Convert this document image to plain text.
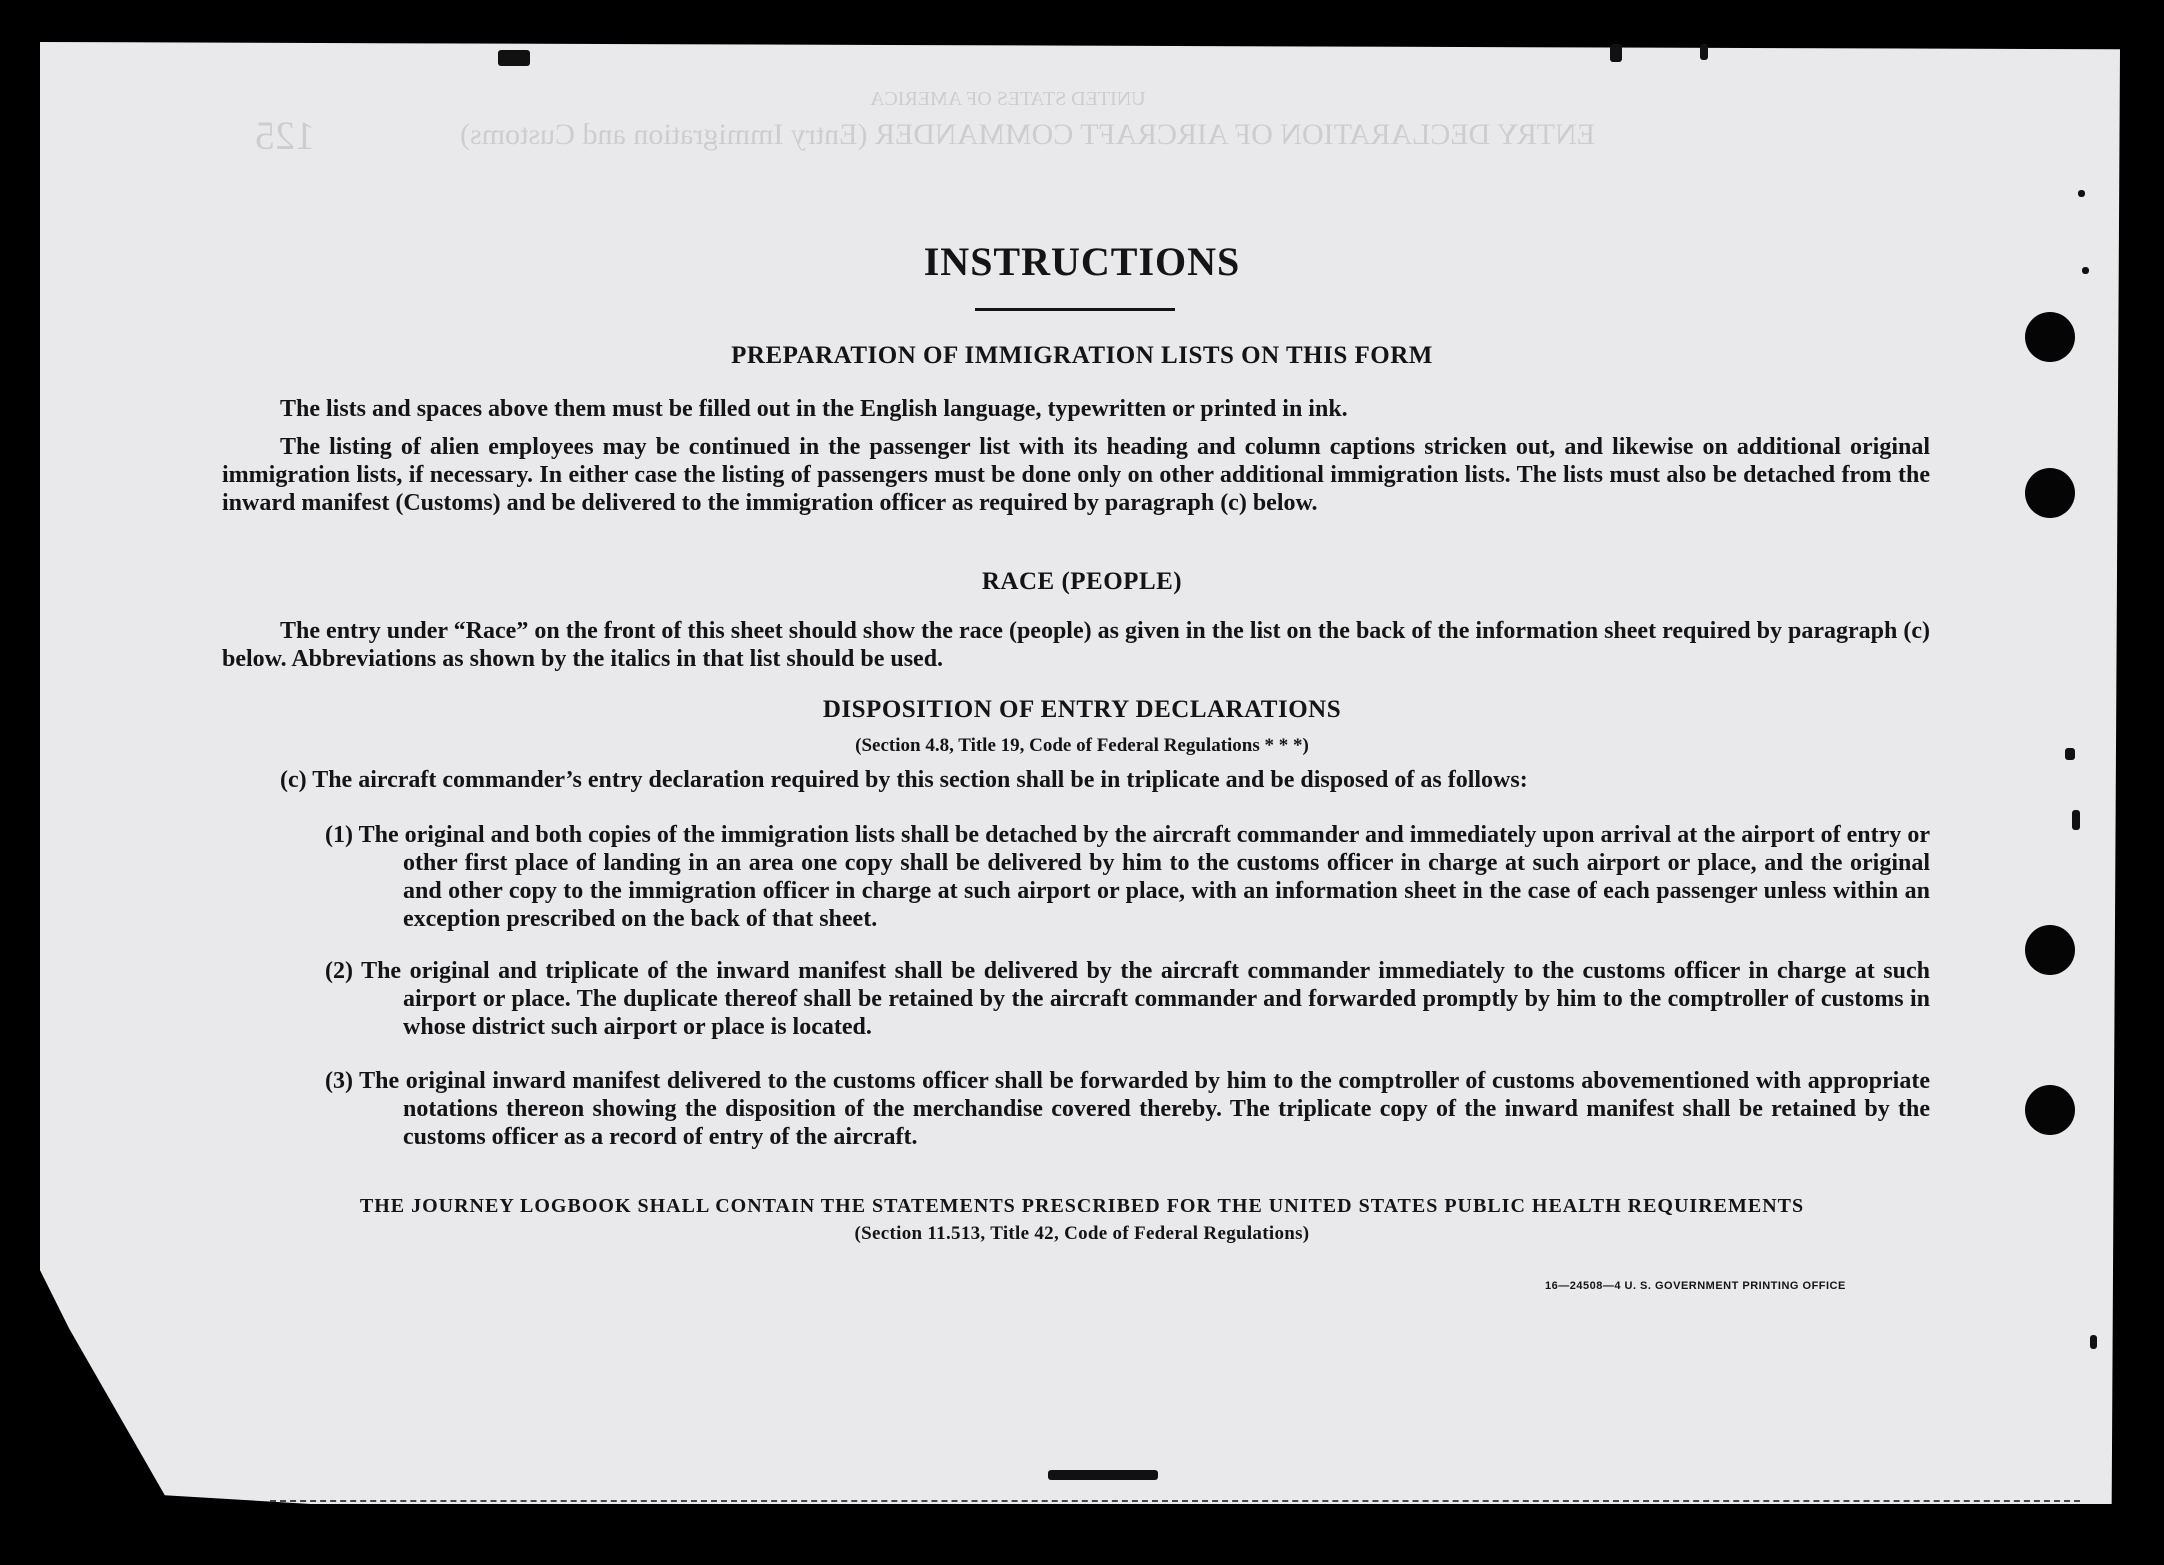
UNITED STATES OF AMERICA
ENTRY DECLARATION OF AIRCRAFT COMMANDER (Entry Immigration and Customs)
125
INSTRUCTIONS
PREPARATION OF IMMIGRATION LISTS ON THIS FORM
The lists and spaces above them must be filled out in the English language, typewritten or printed in ink.
The listing of alien employees may be continued in the passenger list with its heading and column captions stricken out, and likewise on additional original immigration lists, if necessary. In either case the listing of passengers must be done only on other additional immigration lists. The lists must also be detached from the inward manifest (Customs) and be delivered to the immigration officer as required by paragraph (c) below.
RACE (PEOPLE)
The entry under “Race” on the front of this sheet should show the race (people) as given in the list on the back of the information sheet required by paragraph (c) below. Abbreviations as shown by the italics in that list should be used.
DISPOSITION OF ENTRY DECLARATIONS
(Section 4.8, Title 19, Code of Federal Regulations * * *)
(c) The aircraft commander’s entry declaration required by this section shall be in triplicate and be disposed of as follows:
(1) The original and both copies of the immigration lists shall be detached by the aircraft commander and immediately upon arrival at the airport of entry or other first place of landing in an area one copy shall be delivered by him to the customs officer in charge at such airport or place, and the original and other copy to the immigration officer in charge at such airport or place, with an information sheet in the case of each passenger unless within an exception prescribed on the back of that sheet.
(2) The original and triplicate of the inward manifest shall be delivered by the aircraft commander immediately to the customs officer in charge at such airport or place. The duplicate thereof shall be retained by the aircraft commander and forwarded promptly by him to the comptroller of customs in whose district such airport or place is located.
(3) The original inward manifest delivered to the customs officer shall be forwarded by him to the comptroller of customs abovementioned with appropriate notations thereon showing the disposition of the merchandise covered thereby. The triplicate copy of the inward manifest shall be retained by the customs officer as a record of entry of the aircraft.
THE JOURNEY LOGBOOK SHALL CONTAIN THE STATEMENTS PRESCRIBED FOR THE UNITED STATES PUBLIC HEALTH REQUIREMENTS
(Section 11.513, Title 42, Code of Federal Regulations)
16—24508—4 U. S. GOVERNMENT PRINTING OFFICE
